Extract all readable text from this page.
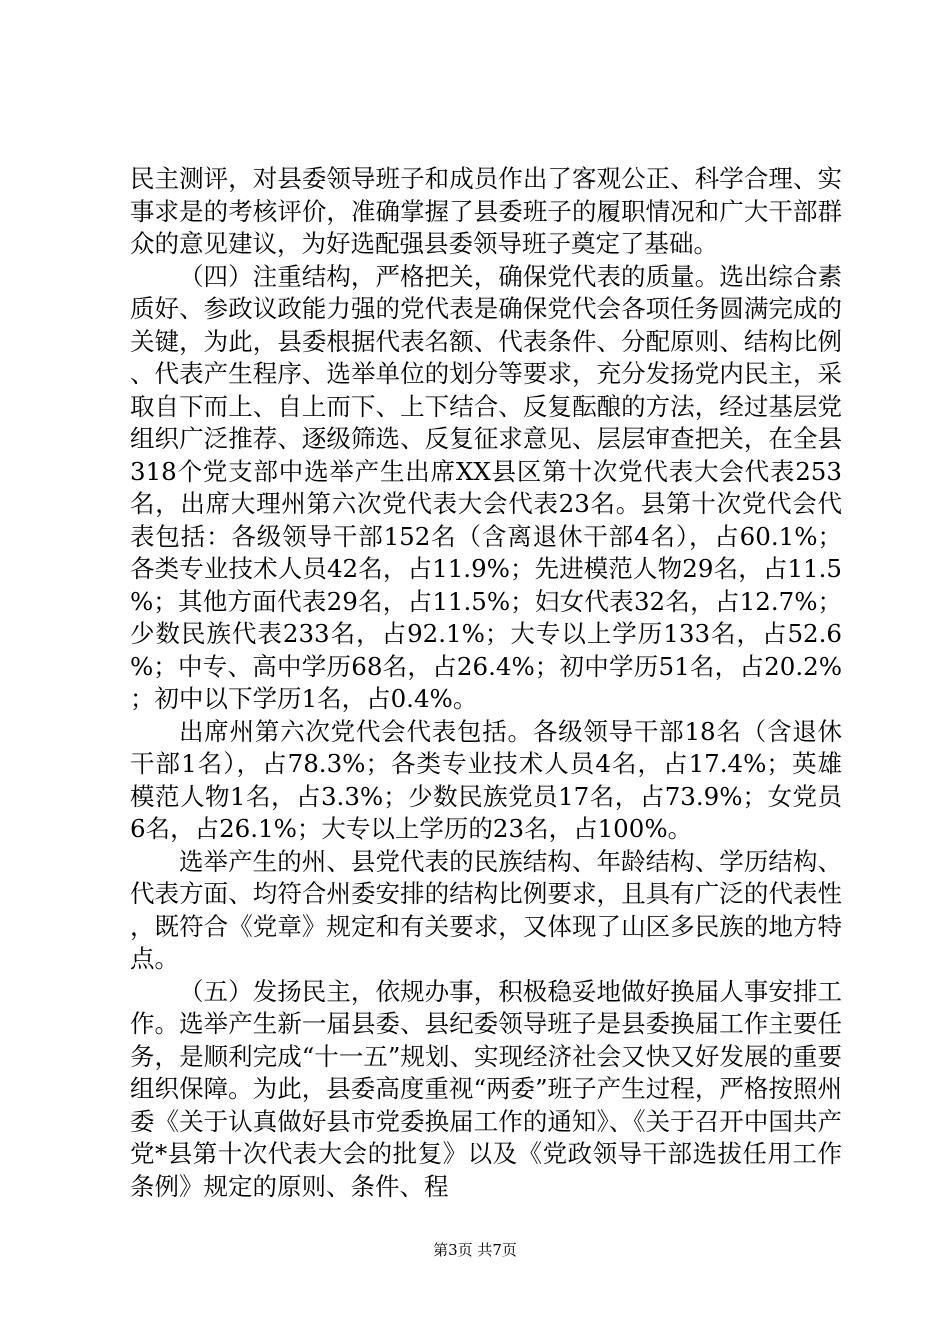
民主测评，对县委领导班子和成员作出了客观公正、科学合理、实事求是的考核评价，准确掌握了县委班子的履职情况和广大干部群众的意见建议，为好选配强县委领导班子奠定了基础。

（四）注重结构，严格把关，确保党代表的质量。选出综合素质好、参政议政能力强的党代表是确保党代会各项任务圆满完成的关键，为此，县委根据代表名额、代表条件、分配原则、结构比例、代表产生程序、选举单位的划分等要求，充分发扬党内民主，采取自下而上、自上而下、上下结合、反复酝酿的方法，经过基层党组织广泛推荐、逐级筛选、反复征求意见、层层审查把关，在全县318个党支部中选举产生出席XX县区第十次党代表大会代表253名，出席大理州第六次党代表大会代表23名。县第十次党代会代表包括：各级领导干部152名（含离退休干部4名），占60.1%；各类专业技术人员42名，占11.9%；先进模范人物29名，占11.5%；其他方面代表29名，占11.5%；妇女代表32名，占12.7%；少数民族代表233名，占92.1%；大专以上学历133名，占52.6%；中专、高中学历68名，占26.4%；初中学历51名，占20.2%；初中以下学历1名，占0.4%。

出席州第六次党代会代表包括。各级领导干部18名（含退休干部1名），占78.3%；各类专业技术人员4名，占17.4%；英雄模范人物1名，占3.3%；少数民族党员17名，占73.9%；女党员6名，占26.1%；大专以上学历的23名，占100%。

选举产生的州、县党代表的民族结构、年龄结构、学历结构、代表方面、均符合州委安排的结构比例要求，且具有广泛的代表性，既符合《党章》规定和有关要求，又体现了山区多民族的地方特点。

（五）发扬民主，依规办事，积极稳妥地做好换届人事安排工作。选举产生新一届县委、县纪委领导班子是县委换届工作主要任务，是顺利完成“十一五”规划、实现经济社会又快又好发展的重要组织保障。为此，县委高度重视“两委”班子产生过程，严格按照州委《关于认真做好县市党委换届工作的通知》、《关于召开中国共产党*县第十次代表大会的批复》以及《党政领导干部选拔任用工作条例》规定的原则、条件、程

第3页 共7页
